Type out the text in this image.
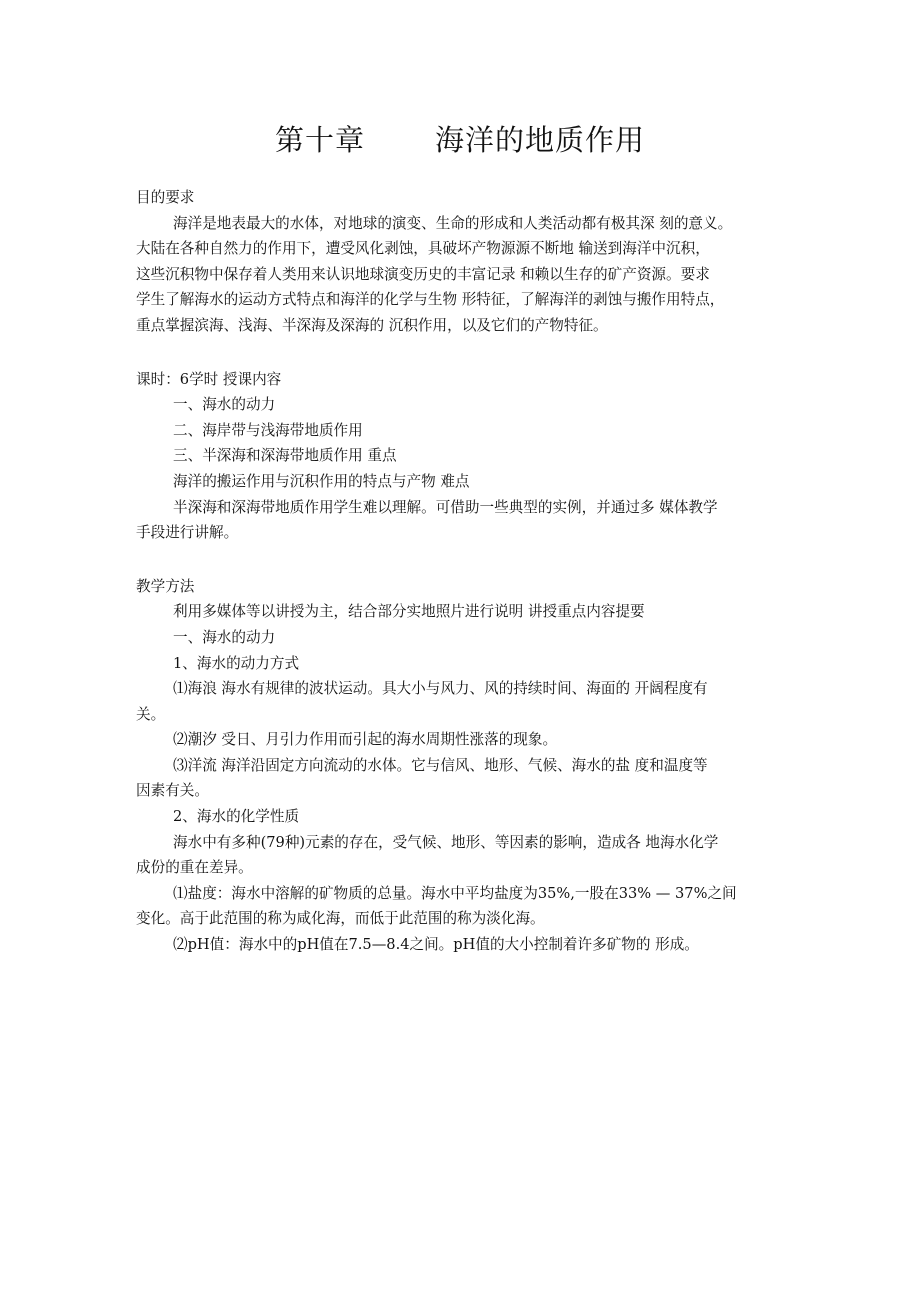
第十章 海洋的地质作用

目的要求

海洋是地表最大的水体，对地球的演变、生命的形成和人类活动都有极其深 刻的意义。

大陆在各种自然力的作用下，遭受风化剥蚀，具破坏产物源源不断地 输送到海洋中沉积，

这些沉积物中保存着人类用来认识地球演变历史的丰富记录 和赖以生存的矿产资源。要求

学生了解海水的运动方式特点和海洋的化学与生物 形特征，了解海洋的剥蚀与搬作用特点，

重点掌握滨海、浅海、半深海及深海的 沉积作用，以及它们的产物特征。

课时：6学时 授课内容

一、海水的动力

二、海岸带与浅海带地质作用

三、半深海和深海带地质作用 重点

海洋的搬运作用与沉积作用的特点与产物 难点

半深海和深海带地质作用学生难以理解。可借助一些典型的实例，并通过多 媒体教学

手段进行讲解。

教学方法

利用多媒体等以讲授为主，结合部分实地照片进行说明 讲授重点内容提要

一、海水的动力

1、海水的动力方式

⑴海浪 海水有规律的波状运动。具大小与风力、风的持续时间、海面的 开阔程度有

关。

⑵潮汐 受日、月引力作用而引起的海水周期性涨落的现象。

⑶洋流 海洋沿固定方向流动的水体。它与信风、地形、气候、海水的盐 度和温度等

因素有关。

2、海水的化学性质

海水中有多种(79种)元素的存在，受气候、地形、等因素的影响，造成各 地海水化学

成份的重在差异。

⑴盐度：海水中溶解的矿物质的总量。海水中平均盐度为35%,一股在33% — 37%之间

变化。高于此范围的称为咸化海，而低于此范围的称为淡化海。

⑵pH值：海水中的pH值在7.5—8.4之间。pH值的大小控制着许多矿物的 形成。
